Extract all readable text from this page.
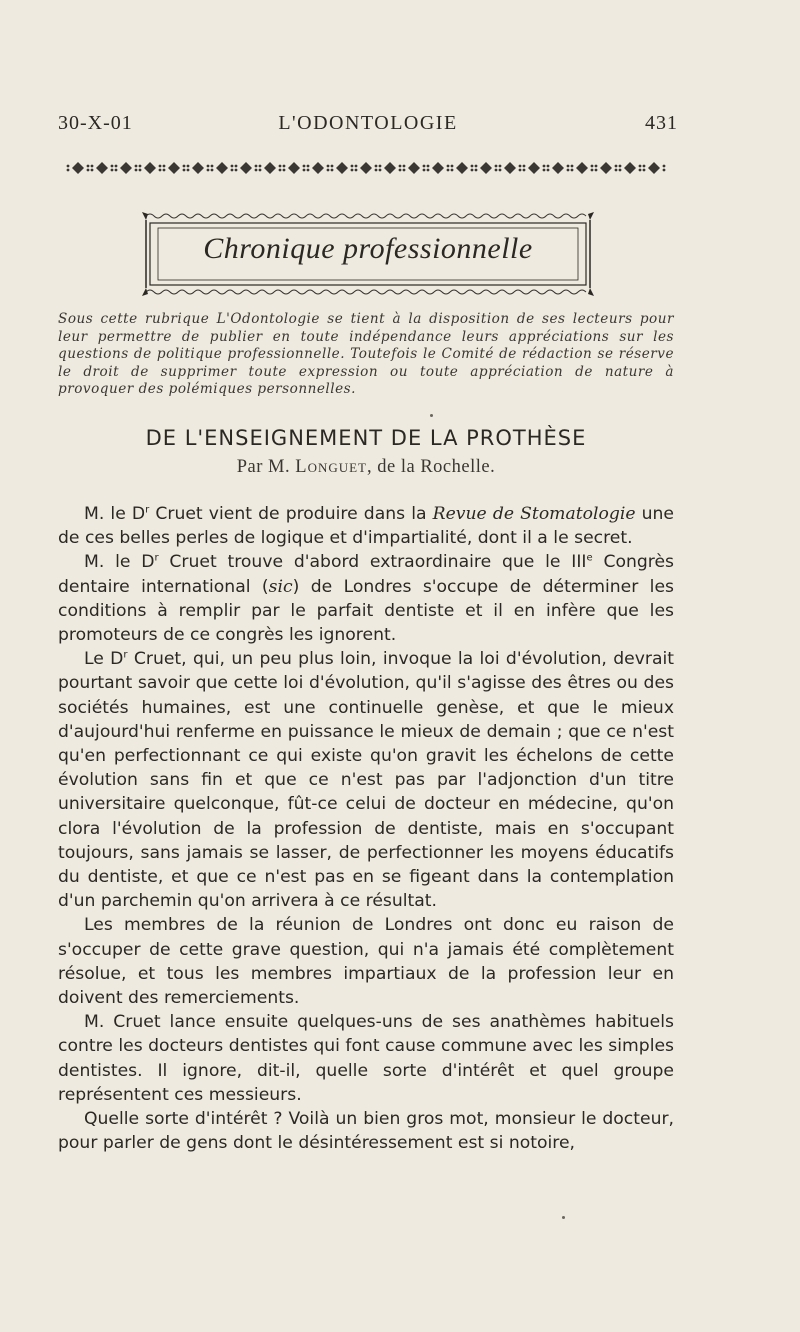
30-X-01	L'ODONTOLOGIE	431
Chronique professionnelle

Sous cette rubrique L'Odontologie se tient à la disposition de ses lecteurs pour leur permettre de publier en toute indépendance leurs appréciations sur les questions de politique professionnelle. Toutefois le Comité de rédaction se réserve le droit de supprimer toute expression ou toute appréciation de nature à provoquer des polémiques personnelles.

DE L'ENSEIGNEMENT DE LA PROTHÈSE
Par M. Longuet, de la Rochelle.

M. le $D^r$ Cruet vient de produire dans la Revue de Stomatologie une de ces belles perles de logique et d'impartialité, dont il a le secret.

M. le $D^r$ Cruet trouve d'abord extraordinaire que le IIIe Congrès dentaire international (sic) de Londres s'occupe de déterminer les conditions à remplir par le parfait dentiste et il en infère que les promoteurs de ce congrès les ignorent.

Le $D^r$ Cruet, qui, un peu plus loin, invoque la loi d'évolution, devrait pourtant savoir que cette loi d'évolution, qu'il s'agisse des êtres ou des sociétés humaines, est une continuelle genèse, et que le mieux d'aujourd'hui renferme en puissance le mieux de demain ; que ce n'est qu'en perfectionnant ce qui existe qu'on gravit les échelons de cette évolution sans fin et que ce n'est pas par l'adjonction d'un titre universitaire quelconque, fût-ce celui de docteur en médecine, qu'on clora l'évolution de la profession de dentiste, mais en s'occupant toujours, sans jamais se lasser, de perfectionner les moyens éducatifs du dentiste, et que ce n'est pas en se figeant dans la contemplation d'un parchemin qu'on arrivera à ce résultat.

Les membres de la réunion de Londres ont donc eu raison de s'occuper de cette grave question, qui n'a jamais été complètement résolue, et tous les membres impartiaux de la profession leur en doivent des remerciements.

M. Cruet lance ensuite quelques-uns de ses anathèmes habituels contre les docteurs dentistes qui font cause commune avec les simples dentistes. Il ignore, dit-il, quelle sorte d'intérêt et quel groupe représentent ces messieurs.

Quelle sorte d'intérêt ? Voilà un bien gros mot, monsieur le docteur, pour parler de gens dont le désintéressement est si notoire,
